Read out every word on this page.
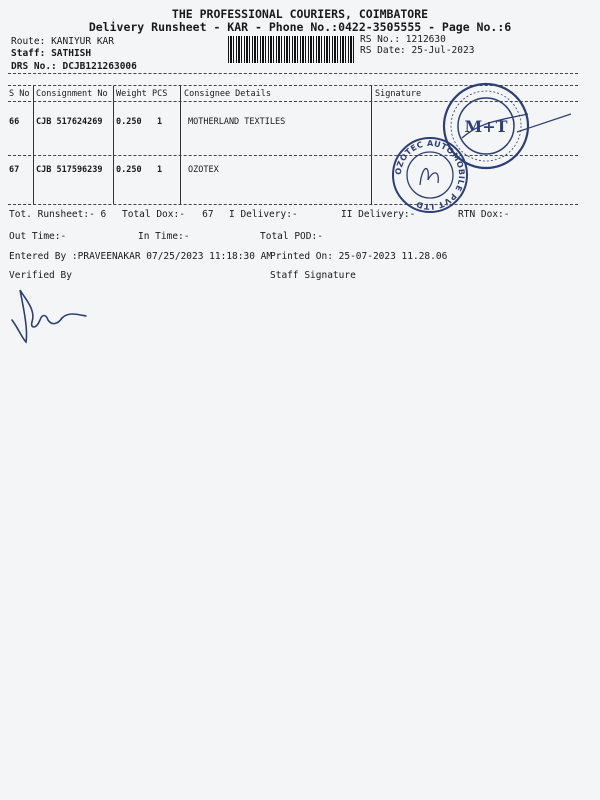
THE PROFESSIONAL COURIERS, COIMBATORE
Delivery Runsheet - KAR - Phone No.:0422-3505555 - Page No.:6
Route: KANIYUR KAR
Staff: SATHISH
DRS No.: DCJB121263006
RS No.: 1212630
RS Date: 25-Jul-2023
S No Consignment No Weight PCS Consignee Details	Signature
66 CJB 517624269 0.250 1	MOTHERLAND TEXTILES
67 CJB 517596239 0.250 1	OZOTEX
Tot. Runsheet:- 6 Total Dox:- 67 I Delivery:-	II Delivery:-	RTN Dox:-
Out Time:-	In Time:-	Total POD:-
Entered By :PRAVEENAKAR 07/25/2023 11:18:30 AM
Printed On: 25-07-2023 11.28.06
Verified By	Staff Signature
M+T
OZOTEC AUTOMOBILE PVT LTD
